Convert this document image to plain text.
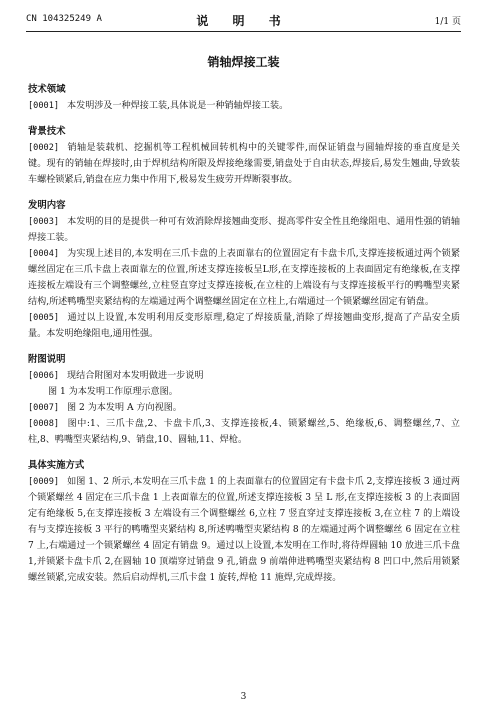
CN 104325249 A	说 明 书	1/1 页
销轴焊接工装
技术领域
[0001] 本发明涉及一种焊接工装,具体说是一种销轴焊接工装。
背景技术
[0002] 销轴是装载机、挖掘机等工程机械回转机构中的关键零件,而保证销盘与圆轴焊接的垂直度是关键。现有的销轴在焊接时,由于焊机结构所限及焊接绝缘需要,销盘处于自由状态,焊接后,易发生翘曲,导致装车螺栓锁紧后,销盘在应力集中作用下,极易发生疲劳开焊断裂事故。
发明内容
[0003] 本发明的目的是提供一种可有效消除焊接翘曲变形、提高零件安全性且绝缘阻电、通用性强的销轴焊接工装。
[0004] 为实现上述目的,本发明在三爪卡盘的上表面靠右的位置固定有卡盘卡爪,支撑连接板通过两个锁紧螺丝固定在三爪卡盘上表面靠左的位置,所述支撑连接板呈L形,在支撑连接板的上表面固定有绝缘板,在支撑连接板左端设有三个调整螺丝,立柱竖直穿过支撑连接板,在立柱的上端设有与支撑连接板平行的鸭嘴型夹紧结构,所述鸭嘴型夹紧结构的左端通过两个调整螺丝固定在立柱上,右端通过一个锁紧螺丝固定有销盘。
[0005] 通过以上设置,本发明利用反变形原理,稳定了焊接质量,消除了焊接翘曲变形,提高了产品安全质量。本发明绝缘阻电,通用性强。
附图说明
[0006] 现结合附图对本发明做进一步说明
图 1 为本发明工作原理示意图。
[0007] 图 2 为本发明 A 方向视图。
[0008] 图中:1、三爪卡盘,2、卡盘卡爪,3、支撑连接板,4、锁紧螺丝,5、绝缘板,6、调整螺丝,7、立柱,8、鸭嘴型夹紧结构,9、销盘,10、圆轴,11、焊枪。
具体实施方式
[0009] 如图 1、2 所示,本发明在三爪卡盘 1 的上表面靠右的位置固定有卡盘卡爪 2,支撑连接板 3 通过两个锁紧螺丝 4 固定在三爪卡盘 1 上表面靠左的位置,所述支撑连接板 3 呈 L 形,在支撑连接板 3 的上表面固定有绝缘板 5,在支撑连接板 3 左端设有三个调整螺丝 6,立柱 7 竖直穿过支撑连接板 3,在立柱 7 的上端设有与支撑连接板 3 平行的鸭嘴型夹紧结构 8,所述鸭嘴型夹紧结构 8 的左端通过两个调整螺丝 6 固定在立柱 7 上,右端通过一个锁紧螺丝 4 固定有销盘 9。通过以上设置,本发明在工作时,将待焊圆轴 10 放进三爪卡盘 1,并锁紧卡盘卡爪 2,在圆轴 10 顶端穿过销盘 9 孔,销盘 9 前端伸进鸭嘴型夹紧结构 8 凹口中,然后用锁紧螺丝锁紧,完成安装。然后启动焊机,三爪卡盘 1 旋转,焊枪 11 施焊,完成焊接。
3
